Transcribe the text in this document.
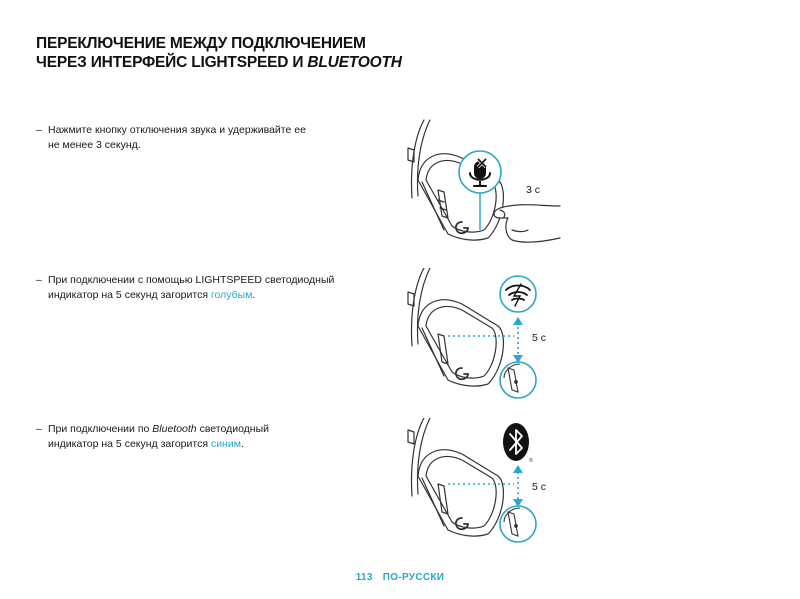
ПЕРЕКЛЮЧЕНИЕ МЕЖДУ ПОДКЛЮЧЕНИЕМ
ЧЕРЕЗ ИНТЕРФЕЙС LIGHTSPEED И BLUETOOTH
– Нажмите кнопку отключения звука и удерживайте ее
не менее 3 секунд.
– При подключении с помощью LIGHTSPEED светодиодный
индикатор на 5 секунд загорится голубым.
– При подключении по Bluetooth светодиодный
индикатор на 5 секунд загорится синим.
3 с
5 с
®
5 с
113 ПО-РУССКИ
